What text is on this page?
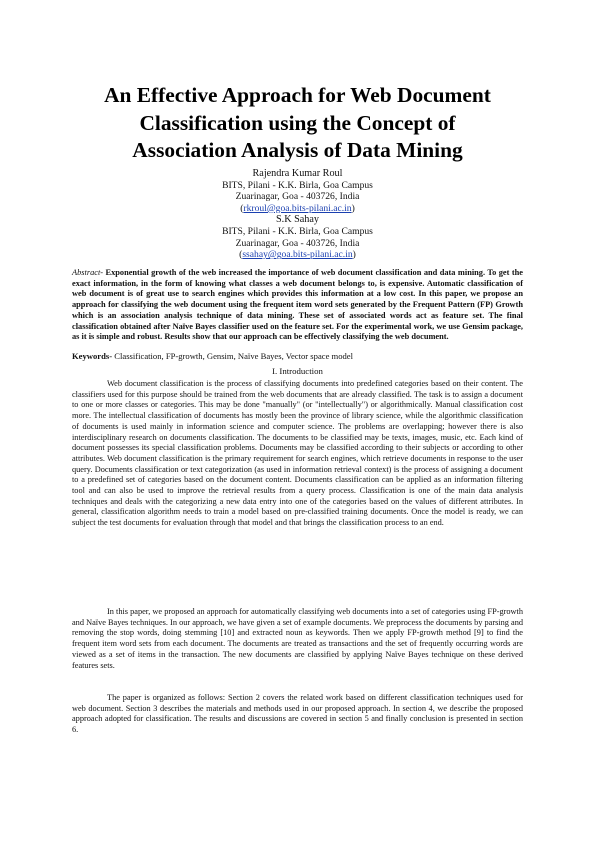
An Effective Approach for Web Document
Classification using the Concept of
Association Analysis of Data Mining
Rajendra Kumar Roul
BITS, Pilani - K.K. Birla, Goa Campus
Zuarinagar, Goa - 403726, India
(rkroul@goa.bits-pilani.ac.in)
S.K Sahay
BITS, Pilani - K.K. Birla, Goa Campus
Zuarinagar, Goa - 403726, India
(ssahay@goa.bits-pilani.ac.in)
Abstract- Exponential growth of the web increased the importance of web document classification and data mining. To get the exact information, in the form of knowing what classes a web document belongs to, is expensive. Automatic classification of web document is of great use to search engines which provides this information at a low cost. In this paper, we propose an approach for classifying the web document using the frequent item word sets generated by the Frequent Pattern (FP) Growth which is an association analysis technique of data mining. These set of associated words act as feature set. The final classification obtained after Naïve Bayes classifier used on the feature set. For the experimental work, we use Gensim package, as it is simple and robust. Results show that our approach can be effectively classifying the web document.
Keywords- Classification, FP-growth, Gensim, Naïve Bayes, Vector space model
I. Introduction

Web document classification is the process of classifying documents into predefined categories based on their content. The classifiers used for this purpose should be trained from the web documents that are already classified. The task is to assign a document to one or more classes or categories. This may be done "manually" (or "intellectually") or algorithmically. Manual classification cost more. The intellectual classification of documents has mostly been the province of library science, while the algorithmic classification of documents is used mainly in information science and computer science. The problems are overlapping; however there is also interdisciplinary research on documents classification. The documents to be classified may be texts, images, music, etc. Each kind of document possesses its special classification problems. Documents may be classified according to their subjects or according to other attributes. Web document classification is the primary requirement for search engines, which retrieve documents in response to the user query. Documents classification or text categorization (as used in information retrieval context) is the process of assigning a document to a predefined set of categories based on the document content. Documents classification can be applied as an information filtering tool and can also be used to improve the retrieval results from a query process. Classification is one of the main data analysis techniques and deals with the categorizing a new data entry into one of the categories based on the values of different attributes. In general, classification algorithm needs to train a model based on pre-classified training documents. Once the model is ready, we can subject the test documents for evaluation through that model and that brings the classification process to an end.

In this paper, we proposed an approach for automatically classifying web documents into a set of categories using FP-growth and Naïve Bayes techniques. In our approach, we have given a set of example documents. We preprocess the documents by parsing and removing the stop words, doing stemming [10] and extracted noun as keywords. Then we apply FP-growth method [9] to find the frequent item word sets from each document. The documents are treated as transactions and the set of frequently occurring words are viewed as a set of items in the transaction. The new documents are classified by applying Naïve Bayes technique on these derived features sets.

The paper is organized as follows: Section 2 covers the related work based on different classification techniques used for web document. Section 3 describes the materials and methods used in our proposed approach. In section 4, we describe the proposed approach adopted for classification. The results and discussions are covered in section 5 and finally conclusion is presented in section 6.
